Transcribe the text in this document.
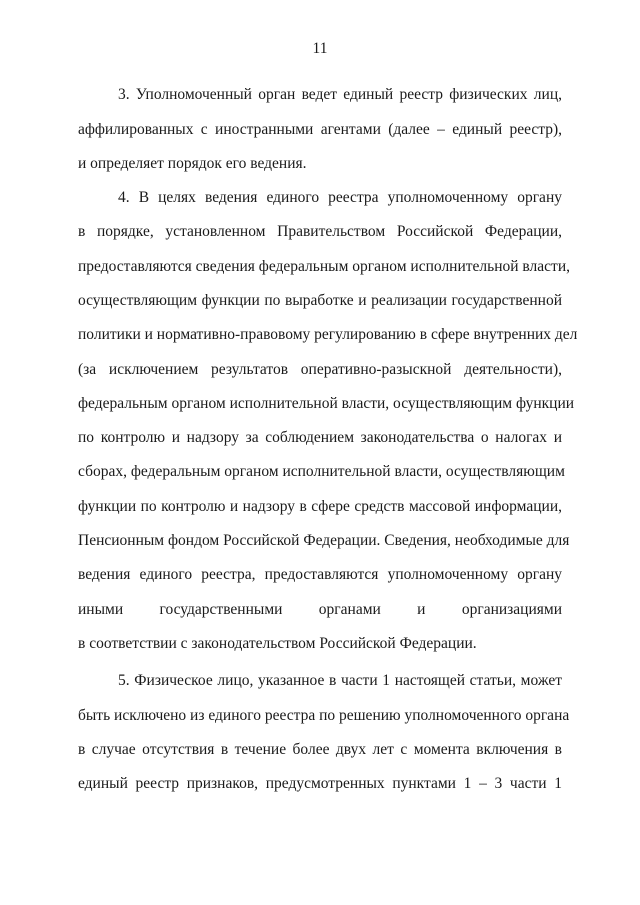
11
3. Уполномоченный орган ведет единый реестр физических лиц,
аффилированных с иностранными агентами (далее – единый реестр),
и определяет порядок его ведения.
4. В целях ведения единого реестра уполномоченному органу
в порядке, установленном Правительством Российской Федерации,
предоставляются сведения федеральным органом исполнительной власти,
осуществляющим функции по выработке и реализации государственной
политики и нормативно-правовому регулированию в сфере внутренних дел
(за исключением результатов оперативно-разыскной деятельности),
федеральным органом исполнительной власти, осуществляющим функции
по контролю и надзору за соблюдением законодательства о налогах и
сборах, федеральным органом исполнительной власти, осуществляющим
функции по контролю и надзору в сфере средств массовой информации,
Пенсионным фондом Российской Федерации. Сведения, необходимые для
ведения единого реестра, предоставляются уполномоченному органу
иными государственными органами и организациями
в соответствии с законодательством Российской Федерации.
5. Физическое лицо, указанное в части 1 настоящей статьи, может
быть исключено из единого реестра по решению уполномоченного органа
в случае отсутствия в течение более двух лет с момента включения в
единый реестр признаков, предусмотренных пунктами 1 – 3 части 1
